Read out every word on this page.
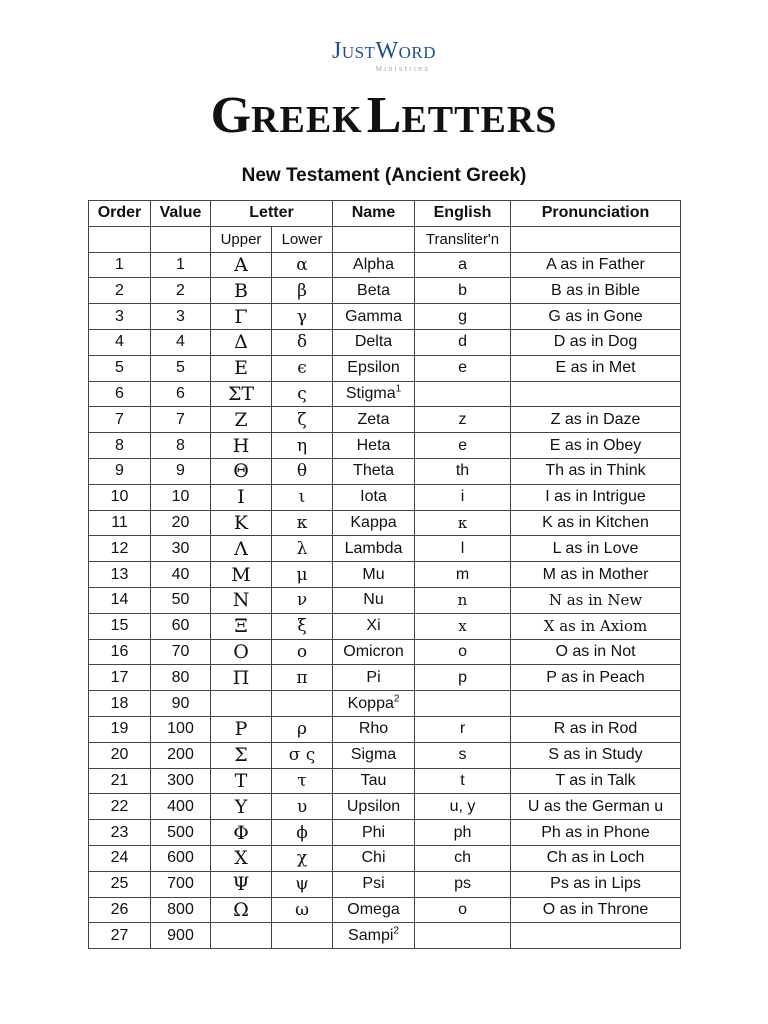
JUSTWORD
Ministries
GREEK LETTERS
New Testament (Ancient Greek)
Order	Value	Letter		Name	English	Pronunciation
		Upper	Lower		Transliter'n	
1	1	Α	α	Alpha	a	A as in Father
2	2	Β	β	Beta	b	B as in Bible
3	3	Γ	γ	Gamma	g	G as in Gone
4	4	Δ	δ	Delta	d	D as in Dog
5	5	Ε	ϵ	Epsilon	e	E as in Met
6	6	ΣΤ	ς	Stigma$^1$		
7	7	Ζ	ζ	Zeta	z	Z as in Daze
8	8	Η	η	Heta	e	E as in Obey
9	9	Θ	θ	Theta	th	Th as in Think
10	10	Ι	ι	Iota	i	I as in Intrigue
11	20	Κ	κ	Kappa	κ	K as in Kitchen
12	30	Λ	λ	Lambda	l	L as in Love
13	40	Μ	μ	Mu	m	M as in Mother
14	50	Ν	ν	Nu	n	N as in New
15	60	Ξ	ξ	Xi	x	X as in Axiom
16	70	Ο	ο	Omicron	o	O as in Not
17	80	Π	π	Pi	p	P as in Peach
18	90			Koppa$^2$		
19	100	Ρ	ρ	Rho	r	R as in Rod
20	200	Σ	σ ς	Sigma	s	S as in Study
21	300	Τ	τ	Tau	t	T as in Talk
22	400	Υ	υ	Upsilon	u, y	U as the German u
23	500	Φ	ϕ	Phi	ph	Ph as in Phone
24	600	Χ	χ	Chi	ch	Ch as in Loch
25	700	Ψ	ψ	Psi	ps	Ps as in Lips
26	800	Ω	ω	Omega	o	O as in Throne
27	900			Sampi$^2$		
